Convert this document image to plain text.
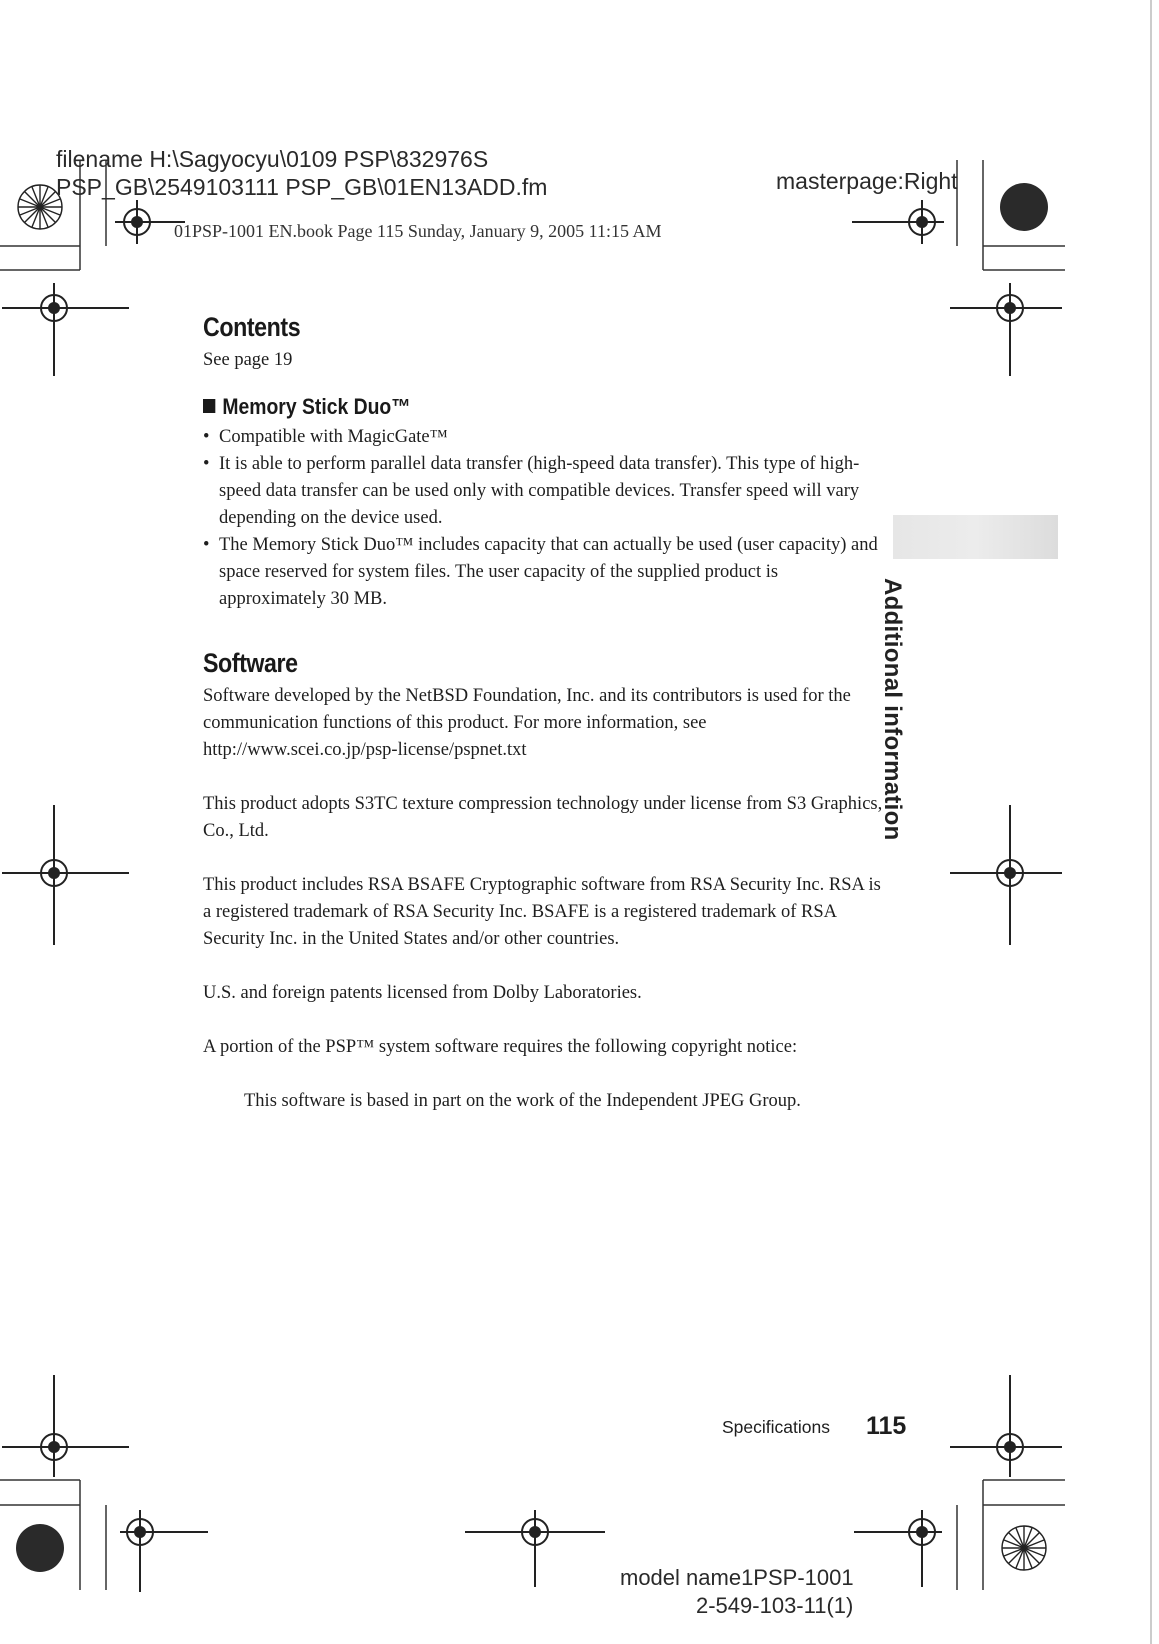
filename H:\Sagyocyu\0109 PSP\832976S
PSP_GB\2549103111 PSP_GB\01EN13ADD.fm	masterpage:Right
01PSP-1001 EN.book Page 115 Sunday, January 9, 2005 11:15 AM
Additional information
Contents

See page 19

Memory Stick Duo™
• Compatible with MagicGate™
• It is able to perform parallel data transfer (high-speed data transfer). This type of high-speed data transfer can be used only with compatible devices. Transfer speed will vary depending on the device used.
• The Memory Stick Duo™ includes capacity that can actually be used (user capacity) and space reserved for system files. The user capacity of the supplied product is approximately 30 MB.
Software

Software developed by the NetBSD Foundation, Inc. and its contributors is used for the communication functions of this product. For more information, see http://www.scei.co.jp/psp-license/pspnet.txt

This product adopts S3TC texture compression technology under license from S3 Graphics, Co., Ltd.

This product includes RSA BSAFE Cryptographic software from RSA Security Inc. RSA is a registered trademark of RSA Security Inc. BSAFE is a registered trademark of RSA Security Inc. in the United States and/or other countries.

U.S. and foreign patents licensed from Dolby Laboratories.

A portion of the PSP™ system software requires the following copyright notice:

This software is based in part on the work of the Independent JPEG Group.

Specifications 115
model name1PSP-1001
2-549-103-11(1)
